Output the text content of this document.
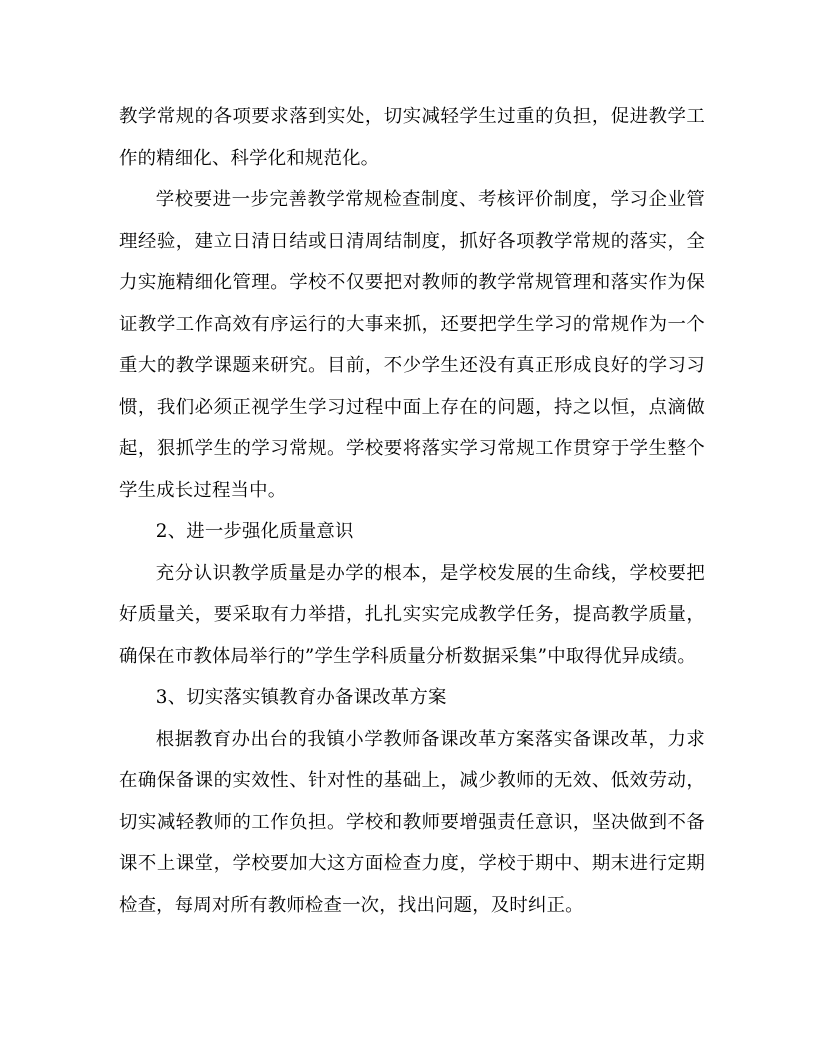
教学常规的各项要求落到实处，切实减轻学生过重的负担，促进教学工作的精细化、科学化和规范化。

学校要进一步完善教学常规检查制度、考核评价制度，学习企业管理经验，建立日清日结或日清周结制度，抓好各项教学常规的落实，全力实施精细化管理。学校不仅要把对教师的教学常规管理和落实作为保证教学工作高效有序运行的大事来抓，还要把学生学习的常规作为一个重大的教学课题来研究。目前，不少学生还没有真正形成良好的学习习惯，我们必须正视学生学习过程中面上存在的问题，持之以恒，点滴做起，狠抓学生的学习常规。学校要将落实学习常规工作贯穿于学生整个学生成长过程当中。

2、进一步强化质量意识

充分认识教学质量是办学的根本，是学校发展的生命线，学校要把好质量关，要采取有力举措，扎扎实实完成教学任务，提高教学质量，确保在市教体局举行的”学生学科质量分析数据采集”中取得优异成绩。

3、切实落实镇教育办备课改革方案

根据教育办出台的我镇小学教师备课改革方案落实备课改革，力求在确保备课的实效性、针对性的基础上，减少教师的无效、低效劳动，切实减轻教师的工作负担。学校和教师要增强责任意识，坚决做到不备课不上课堂，学校要加大这方面检查力度，学校于期中、期末进行定期检查，每周对所有教师检查一次，找出问题，及时纠正。
